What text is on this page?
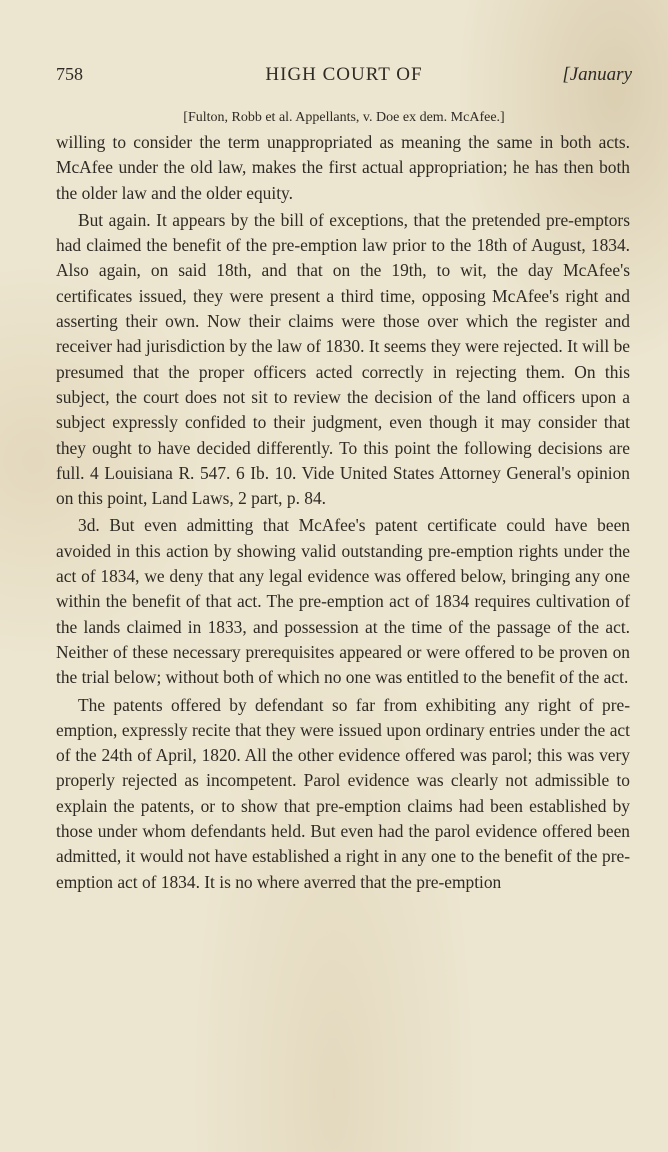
758	HIGH COURT OF	[January
[Fulton, Robb et al. Appellants, v. Doe ex dem. McAfee.]

willing to consider the term unappropriated as meaning the same in both acts. McAfee under the old law, makes the first actual appropriation; he has then both the older law and the older equity.

But again. It appears by the bill of exceptions, that the pretended pre-emptors had claimed the benefit of the pre-emption law prior to the 18th of August, 1834. Also again, on said 18th, and that on the 19th, to wit, the day McAfee's certificates issued, they were present a third time, opposing McAfee's right and asserting their own. Now their claims were those over which the register and receiver had jurisdiction by the law of 1830. It seems they were rejected. It will be presumed that the proper officers acted correctly in rejecting them. On this subject, the court does not sit to review the decision of the land officers upon a subject expressly confided to their judgment, even though it may consider that they ought to have decided differently. To this point the following decisions are full. 4 Louisiana R. 547. 6 Ib. 10. Vide United States Attorney General's opinion on this point, Land Laws, 2 part, p. 84.

3d. But even admitting that McAfee's patent certificate could have been avoided in this action by showing valid outstanding pre-emption rights under the act of 1834, we deny that any legal evidence was offered below, bringing any one within the benefit of that act. The pre-emption act of 1834 requires cultivation of the lands claimed in 1833, and possession at the time of the passage of the act. Neither of these necessary prerequisites appeared or were offered to be proven on the trial below; without both of which no one was entitled to the benefit of the act.

The patents offered by defendant so far from exhibiting any right of pre-emption, expressly recite that they were issued upon ordinary entries under the act of the 24th of April, 1820. All the other evidence offered was parol; this was very properly rejected as incompetent. Parol evidence was clearly not admissible to explain the patents, or to show that pre-emption claims had been established by those under whom defendants held. But even had the parol evidence offered been admitted, it would not have established a right in any one to the benefit of the pre-emption act of 1834. It is no where averred that the pre-emption
